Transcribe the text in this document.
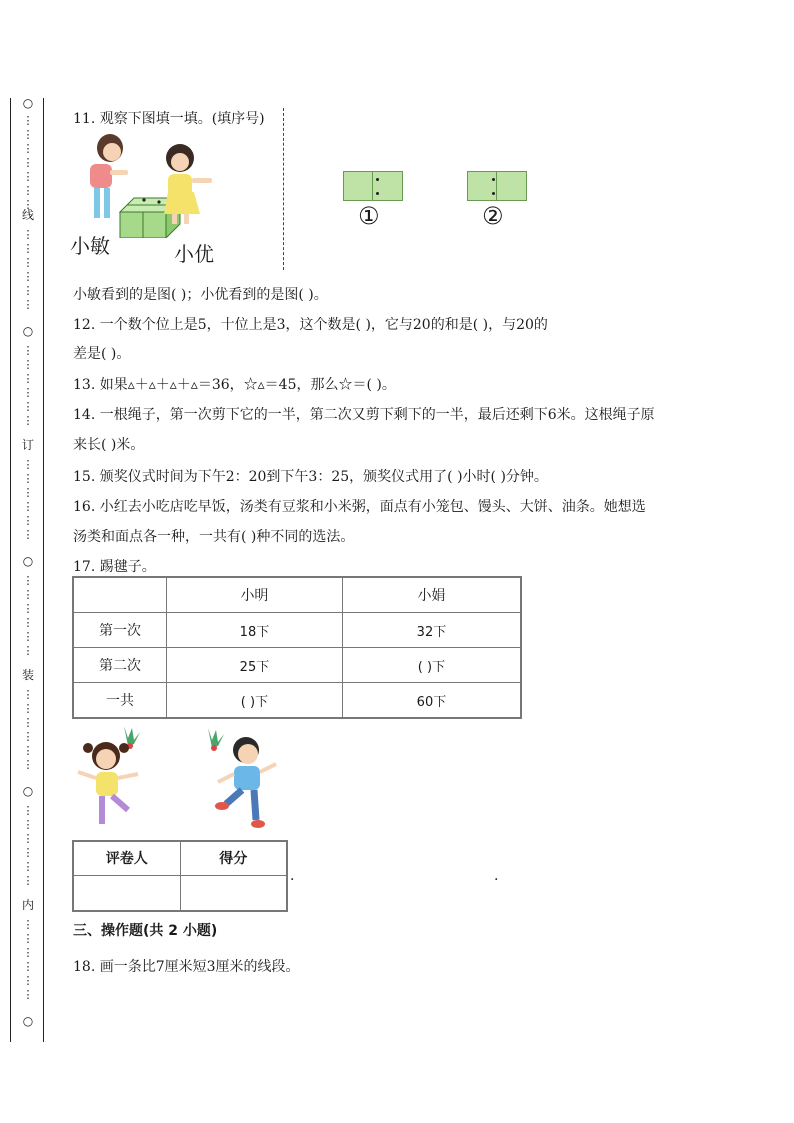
○
⋮
⋮
⋮
⋮
⋮
⋮
⋮
线
⋮
⋮
⋮
⋮
⋮
⋮
○
⋮
⋮
⋮
⋮
⋮
⋮
订
⋮
⋮
⋮
⋮
⋮
⋮
○
⋮
⋮
⋮
⋮
⋮
⋮
装
⋮
⋮
⋮
⋮
⋮
⋮
○
⋮
⋮
⋮
⋮
⋮
⋮
内
⋮
⋮
⋮
⋮
⋮
⋮
○
11. 观察下图填一填。(填序号)
小敏	小优
①	②
小敏看到的是图( )；小优看到的是图( )。
12. 一个数个位上是5，十位上是3，这个数是( )，它与20的和是( )，与20的
差是( )。
13. 如果▵＋▵＋▵＋▵＝36，☆▵＝45，那么☆＝( )。
14. 一根绳子，第一次剪下它的一半，第二次又剪下剩下的一半，最后还剩下6米。这根绳子原
来长( )米。
15. 颁奖仪式时间为下午2：20到下午3：25，颁奖仪式用了( )小时( )分钟。
16. 小红去小吃店吃早饭，汤类有豆浆和小米粥，面点有小笼包、馒头、大饼、油条。她想选
汤类和面点各一种，一共有( )种不同的选法。
17. 踢毽子。
	小明	小娟
第一次	18下	32下
第二次	25下	( )下
一共	( )下	60下
评卷人	得分

.	.
三、操作题(共 2 小题)
18. 画一条比7厘米短3厘米的线段。
